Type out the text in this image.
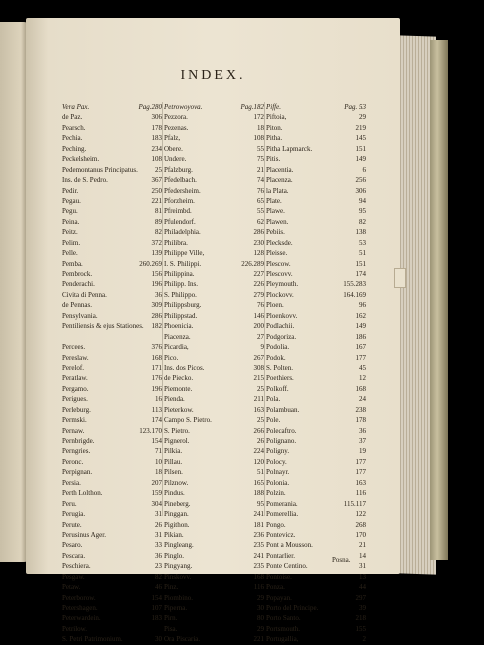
INDEX.
Vera Pax.	Pag.280
de Paz.	306
Pearsch.	178
Pechia.	183
Peching.	234
Peckelsheim.	108
Pedemontanus Principatus. 25
Ins. de S. Pedro.	367
Pedir.	250
Pegau.	221
Pegu.	81
Peina.	89
Peitz.	82
Pelim.	372
Pelle.	139
Pemba.	260.269
Pembrock.	156
Penderachi.	196
Civita di Penna.	36
de Pennas.	309
Pensylvania.	286
Pentiliensis & ejus Stationes. 182
Percees.	376
Pereslaw.	168
Perelof.	171
Peratlaw.	176
Pergamo.	196
Perigues.	16
Perleburg.	113
Permski.	174
Pernaw.	123.170
Pernbrigde.	154
Perngries.	71
Peronc.	10
Perpignan.	18
Persia.	207
Perth Lolthon.	159
Peru.	304
Perugia.	31
Perute.	26
Perusinus Ager.	31
Pesaro.	33
Pescara.	36
Peschiera.	23
Pesgaw.	82
Petaw.	46
Peterborow.	154
Petershagen.	107
Peterwardein.	183
Petrilow.
S. Petri Patrimonium.	30
Petrowoyova.	Pag.182
Pezzora.	172
Pezenas.	18
Pfalz,	108
Obere.	55
Undere.	75
Pfalzburg.	21
Pfedelbach.	74
Pfedersheim.	76
Pforzheim.	65
Pfreimbd.	55
Pfulendorf.	62
Philadelphia.	286
Philibra.	230
Philippe Ville,	128
I. S. Philippi.	226.289
Philippina.	227
Philipp. Ins.	226
S. Philippo.	279
Philippsburg.	76
Philippstad.	146
Phoenicia.	200
Piacenza.	27
Picardia,	9
Pico.	267
Ins. dos Picos.	308
de Piecko.	215
Piemonte.	25
Pienda.	211
Pieterkow.	163
Campo S. Pietro.	25
S. Pietro.	266
Pignerol.	26
Pilkia.	224
Pillau.	120
Pilsen.	51
Pilznow.	165
Pindus.	188
Pineberg.	95
Pinggan.	241
Pigithon.	181
Pikian.	236
Pingleang.	235
Pinglo.	241
Pingyang.	235
Pinskovv.	168
Pinz.	116
Piombino.	29
Piperna.	30
Pirn.	80
Pisa.	29
Ora Piscaria.	221
Piffe.	Pag. 53
Piftoia,	29
Piton.	219
Pitha.	145
Pitha Lapmarck.	151
Pitis.	149
Placentia.	6
Placenza.	256
la Plata.	306
Plate.	94
Plawe.	95
Plawen.	82
Pebiis.	138
Plecksde.	53
Pleisse.	51
Plescow.	151
Plescovv.	174
Pleymouth.	155.283
Plockovv.	164.169
Ploen.	96
Ploenkovv.	162
Podlachii.	149
Podgoriza.	186
Podolia.	167
Podok.	177
S. Polten.	45
Poethiers.	12
Polkoff.	168
Pola.	24
Polambuan.	238
Pole.	178
Polecaftro.	36
Polignano.	37
Poligny.	19
Polocy.	177
Polnayr.	177
Polonia.	163
Polzin.	116
Pomerania.	115.117
Pomerellia.	122
Pongo.	268
Pontevicz.	170
Pont a Mousson.	21
Pontarlier.	14
Ponte Centino.	31
Pontoise.	13
Ponza.	44
Popayan.	297
Porto del Principe.	39
Porto Santo.	218
Portsmouth.	155
Portugallia,	2
Posna.
